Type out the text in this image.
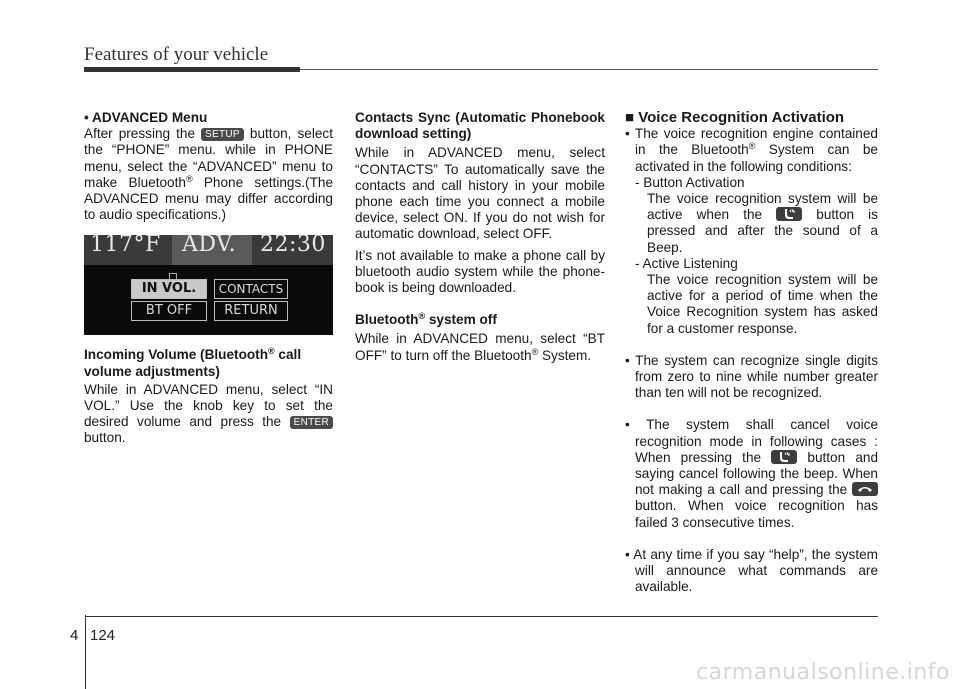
Features of your vehicle

• ADVANCED Menu

After pressing the SETUP button, select the “PHONE” menu. while in PHONE menu, select the “ADVANCED” menu to make Bluetooth® Phone settings.(The ADVANCED menu may differ according to audio specifications.)

117°F ADV. 22:30
IN VOL.	CONTACTS
BT OFF	RETURN

Incoming Volume (Bluetooth® call volume adjustments)

While in ADVANCED menu, select “IN VOL.” Use the knob key to set the desired volume and press the ENTER button.

Contacts Sync (Automatic Phonebook download setting)

While in ADVANCED menu, select “CONTACTS” To automatically save the contacts and call history in your mobile phone each time you connect a mobile device, select ON. If you do not wish for automatic download, select OFF.

It’s not available to make a phone call by bluetooth audio system while the phone-book is being downloaded.

Bluetooth® system off

While in ADVANCED menu, select “BT OFF” to turn off the Bluetooth® System.

■ Voice Recognition Activation

• The voice recognition engine contained in the Bluetooth® System can be activated in the following conditions:

- Button Activation

The voice recognition system will be active when the
button is pressed and after the sound of a Beep.

- Active Listening

The voice recognition system will be active for a period of time when the Voice Recognition system has asked for a customer response.

• The system can recognize single digits from zero to nine while number greater than ten will not be recognized.

• The system shall cancel voice recognition mode in following cases : When pressing the
button and saying cancel following the beep. When not making a call and pressing the
button. When voice recognition has failed 3 consecutive times.

• At any time if you say “help”, the system will announce what commands are available.

4 124
carmanualsonline.info
